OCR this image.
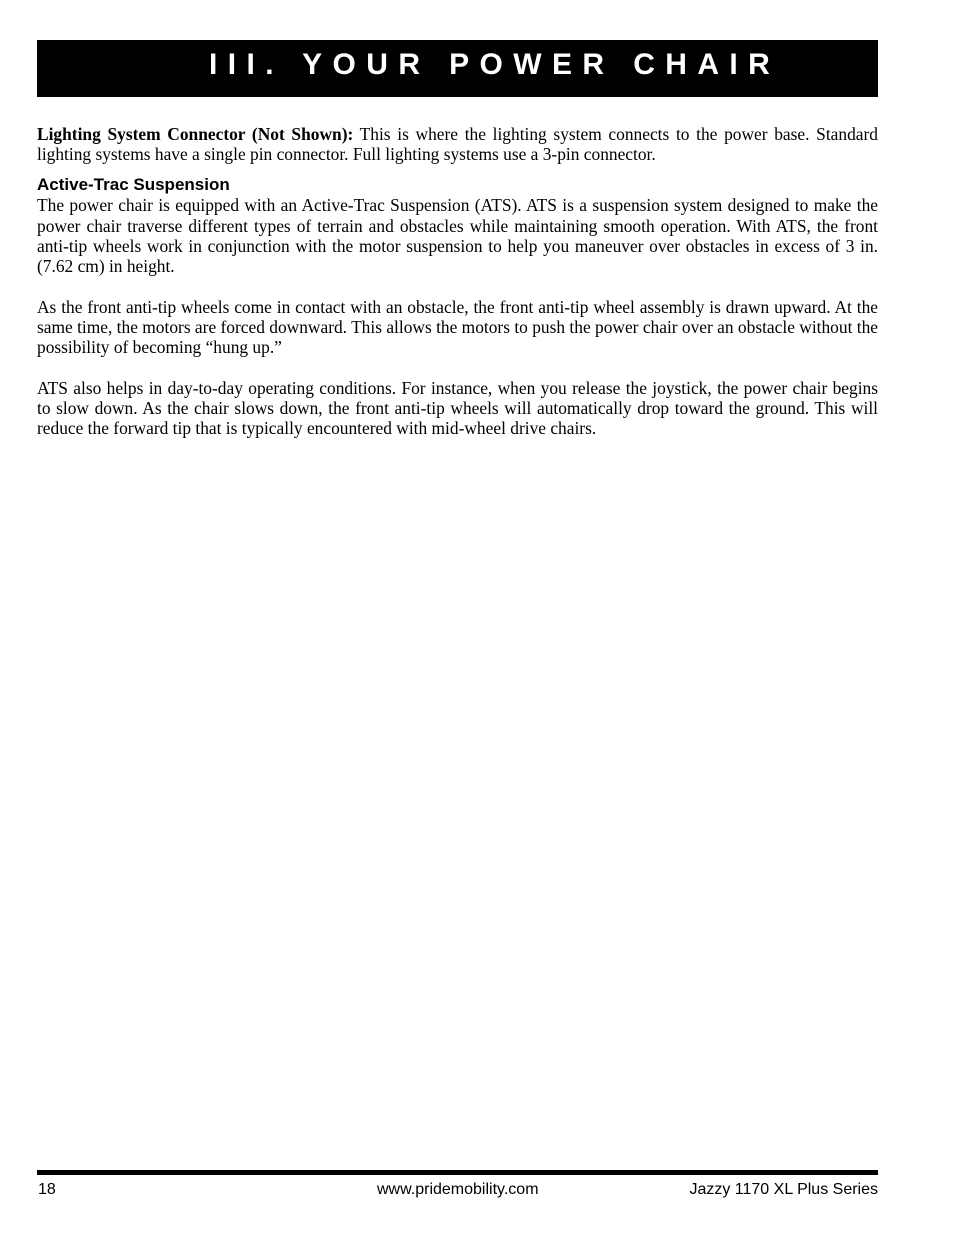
III. YOUR POWER CHAIR

Lighting System Connector (Not Shown): This is where the lighting system connects to the power base. Standard lighting systems have a single pin connector. Full lighting systems use a 3-pin connector.

Active-Trac Suspension

The power chair is equipped with an Active-Trac Suspension (ATS). ATS is a suspension system designed to make the power chair traverse different types of terrain and obstacles while maintaining smooth operation. With ATS, the front anti-tip wheels work in conjunction with the motor suspension to help you maneuver over obstacles in excess of 3 in. (7.62 cm) in height.

As the front anti-tip wheels come in contact with an obstacle, the front anti-tip wheel assembly is drawn upward. At the same time, the motors are forced downward. This allows the motors to push the power chair over an obstacle without the possibility of becoming “hung up.”

ATS also helps in day-to-day operating conditions. For instance, when you release the joystick, the power chair begins to slow down. As the chair slows down, the front anti-tip wheels will automatically drop toward the ground. This will reduce the forward tip that is typically encountered with mid-wheel drive chairs.

18	www.pridemobility.com	Jazzy 1170 XL Plus Series
